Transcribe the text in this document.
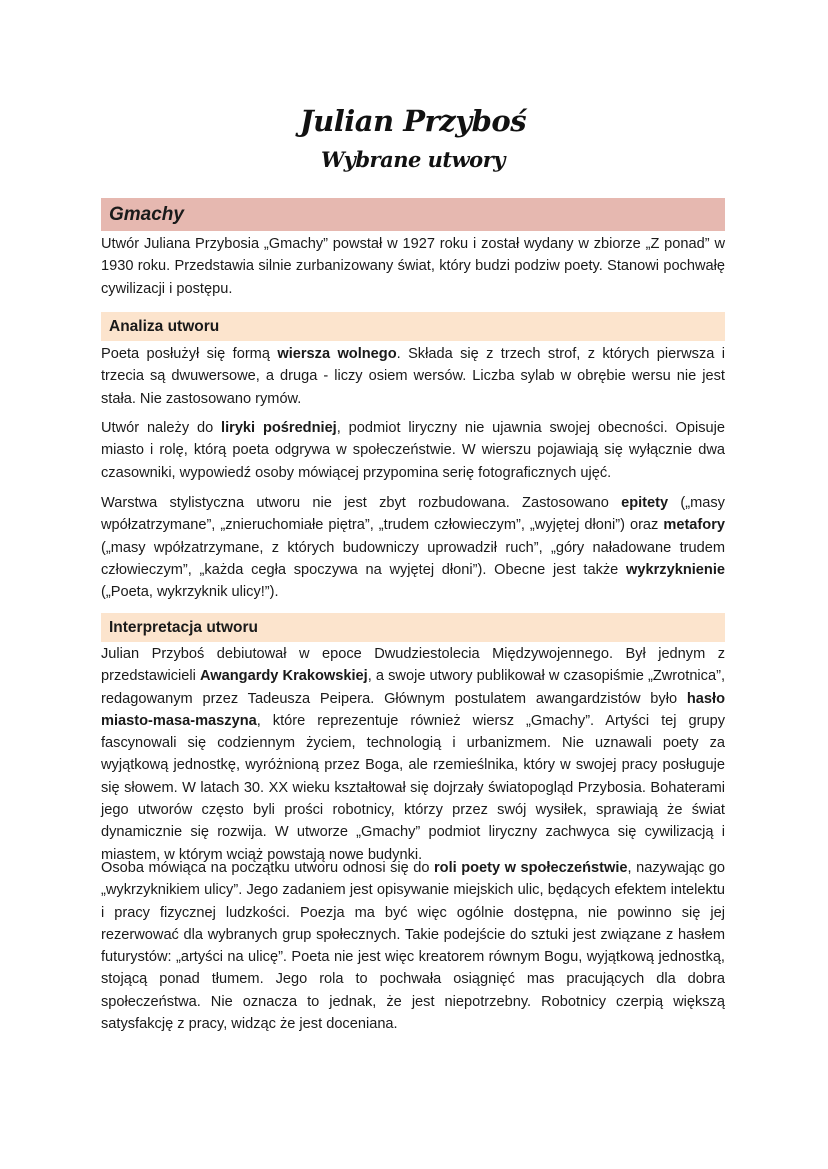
Julian Przyboś
Wybrane utwory
Gmachy

Utwór Juliana Przybosia „Gmachy” powstał w 1927 roku i został wydany w zbiorze „Z ponad” w 1930 roku. Przedstawia silnie zurbanizowany świat, który budzi podziw poety. Stanowi pochwałę cywilizacji i postępu.

Analiza utworu

Poeta posłużył się formą wiersza wolnego. Składa się z trzech strof, z których pierwsza i trzecia są dwuwersowe, a druga - liczy osiem wersów. Liczba sylab w obrębie wersu nie jest stała. Nie zastosowano rymów.

Utwór należy do liryki pośredniej, podmiot liryczny nie ujawnia swojej obecności. Opisuje miasto i rolę, którą poeta odgrywa w społeczeństwie. W wierszu pojawiają się wyłącznie dwa czasowniki, wypowiedź osoby mówiącej przypomina serię fotograficznych ujęć.

Warstwa stylistyczna utworu nie jest zbyt rozbudowana. Zastosowano epitety („masy wpółzatrzymane”, „znieruchomiałe piętra”, „trudem człowieczym”, „wyjętej dłoni”) oraz metafory („masy wpółzatrzymane, z których budowniczy uprowadził ruch”, „góry naładowane trudem człowieczym”, „każda cegła spoczywa na wyjętej dłoni”). Obecne jest także wykrzyknienie („Poeta, wykrzyknik ulicy!”).

Interpretacja utworu

Julian Przyboś debiutował w epoce Dwudziestolecia Międzywojennego. Był jednym z przedstawicieli Awangardy Krakowskiej, a swoje utwory publikował w czasopiśmie „Zwrotnica”, redagowanym przez Tadeusza Peipera. Głównym postulatem awangardzistów było hasło miasto-masa-maszyna, które reprezentuje również wiersz „Gmachy”. Artyści tej grupy fascynowali się codziennym życiem, technologią i urbanizmem. Nie uznawali poety za wyjątkową jednostkę, wyróżnioną przez Boga, ale rzemieślnika, który w swojej pracy posługuje się słowem. W latach 30. XX wieku kształtował się dojrzały światopogląd Przybosia. Bohaterami jego utworów często byli prości robotnicy, którzy przez swój wysiłek, sprawiają że świat dynamicznie się rozwija. W utworze „Gmachy” podmiot liryczny zachwyca się cywilizacją i miastem, w którym wciąż powstają nowe budynki.

Osoba mówiąca na początku utworu odnosi się do roli poety w społeczeństwie, nazywając go „wykrzyknikiem ulicy”. Jego zadaniem jest opisywanie miejskich ulic, będących efektem intelektu i pracy fizycznej ludzkości. Poezja ma być więc ogólnie dostępna, nie powinno się jej rezerwować dla wybranych grup społecznych. Takie podejście do sztuki jest związane z hasłem futurystów: „artyści na ulicę”. Poeta nie jest więc kreatorem równym Bogu, wyjątkową jednostką, stojącą ponad tłumem. Jego rola to pochwała osiągnięć mas pracujących dla dobra społeczeństwa. Nie oznacza to jednak, że jest niepotrzebny. Robotnicy czerpią większą satysfakcję z pracy, widząc że jest doceniana.
